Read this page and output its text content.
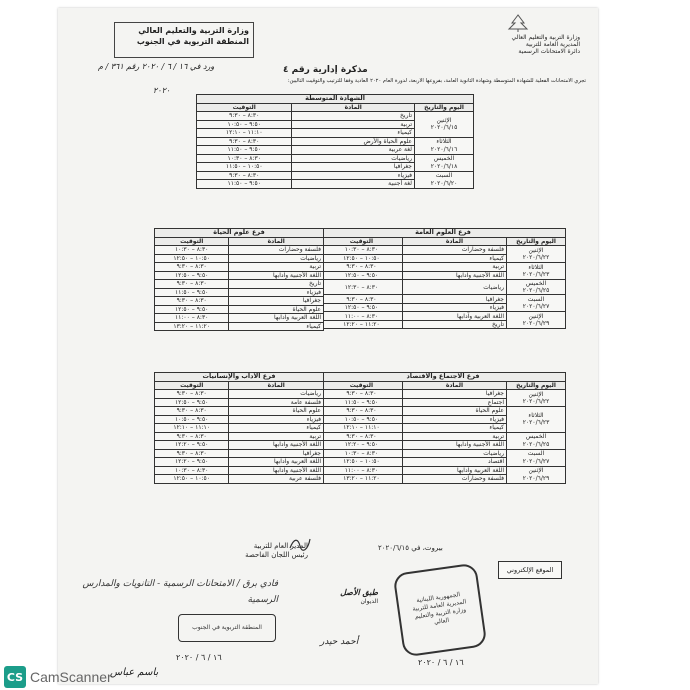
وزارة التربية والتعليم العالي
المنطقة التربوية في الجنوب
ورد في ١٦ / ٦ / ٢٠٢٠ رقم ٣٦١ / م
وزارة التربية والتعليم العالي
المديرية العامة للتربية
دائرة الامتحانات الرسمية
مذكرة إدارية رقم ٤
تجري الامتحانات الفعلية للشهادة المتوسطة وشهادة الثانوية العامة، بفروعها الأربعة، لدورة العام ٢٠٢٠ العادية وفقاً للترتيب والتوقيت التاليين:
٢٠٢٠
الشهادة المتوسطة		
اليوم والتاريخ	المادة	التوقيت

الإثنين
٢٠٢٠/٦/١٥	تاريخ	٨:٣٠ – ٩:٣٠
	تربية	٩:٥٠ – ١٠:٥٠
	كيمياء	١١:١٠ – ١٢:١٠

الثلاثاء
٢٠٢٠/٦/١٦	علوم الحياة والأرض	٨:٣٠ – ٩:٣٠
	لغة عربية	٩:٥٠ – ١١:٥٠

الخميس
٢٠٢٠/٦/١٨	رياضيات	٨:٣٠ – ١٠:٣٠
	جغرافيا	١٠:٥٠ – ١١:٥٠

السبت
٢٠٢٠/٦/٢٠	فيزياء	٨:٣٠ – ٩:٣٠
	لغة أجنبية	٩:٥٠ – ١١:٥٠
فرع العلوم العامة		
اليوم والتاريخ	المادة	التوقيت

الإثنين
٢٠٢٠/٦/٢٢	فلسفة وحضارات	٨:٣٠ – ١٠:٣٠
	كيمياء	١٠:٥٠ – ١٢:٥٠

الثلاثاء
٢٠٢٠/٦/٢٣	تربية	٨:٣٠ – ٩:٣٠
	اللغة الأجنبية وآدابها	٩:٥٠ – ١٢:٥٠

الخميس
٢٠٢٠/٦/٢٥	رياضيات	٨:٣٠ – ١٢:٣٠

السبت
٢٠٢٠/٦/٢٧	جغرافيا	٨:٣٠ – ٩:٣٠
	فيزياء	٩:٥٠ – ١٢:٥٠

الإثنين
٢٠٢٠/٦/٢٩	اللغة العربية وآدابها	٨:٣٠ – ١١:٠٠
	تاريخ	١١:٢٠ – ١٢:٢٠
فرع علوم الحياة	
المادة	التوقيت
فلسفة وحضارات	٨:٣٠ – ١٠:٣٠
رياضيات	١٠:٥٠ – ١٢:٥٠
تربية	٨:٣٠ – ٩:٣٠
اللغة الأجنبية وآدابها	٩:٥٠ – ١٢:٥٠
تاريخ	٨:٣٠ – ٩:٣٠
فيزياء	٩:٥٠ – ١١:٥٠
جغرافيا	٨:٣٠ – ٩:٣٠
علوم الحياة	٩:٥٠ – ١٢:٥٠
اللغة العربية وآدابها	٨:٣٠ – ١١:٠٠
كيمياء	١١:٢٠ – ١٣:٢٠
فرع الاجتماع والاقتصاد		
اليوم والتاريخ	المادة	التوقيت

الإثنين
٢٠٢٠/٦/٢٢	جغرافيا	٨:٣٠ – ٩:٣٠
	اجتماع	٩:٥٠ – ١١:٥٠

الثلاثاء
٢٠٢٠/٦/٢٣	علوم الحياة	٨:٣٠ – ٩:٣٠
	فيزياء	٩:٥٠ – ١٠:٥٠
	كيمياء	١١:١٠ – ١٢:١٠

الخميس
٢٠٢٠/٦/٢٥	تربية	٨:٣٠ – ٩:٣٠
	اللغة الأجنبية وآدابها	٩:٥٠ – ١٢:٢٠

السبت
٢٠٢٠/٦/٢٧	رياضيات	٨:٣٠ – ١٠:٣٠
	اقتصاد	١٠:٥٠ – ١٢:٥٠

الإثنين
٢٠٢٠/٦/٢٩	اللغة العربية وآدابها	٨:٣٠ – ١١:٠٠
	فلسفة وحضارات	١١:٢٠ – ١٣:٢٠
فرع الآداب والإنسانيات	
المادة	التوقيت
رياضيات	٨:٣٠ – ٩:٣٠
فلسفة عامة	٩:٥٠ – ١٢:٥٠
علوم الحياة	٨:٣٠ – ٩:٣٠
فيزياء	٩:٥٠ – ١٠:٥٠
كيمياء	١١:١٠ – ١٢:١٠
تربية	٨:٣٠ – ٩:٣٠
اللغة الأجنبية وآدابها	٩:٥٠ – ١٢:٢٠
جغرافيا	٨:٣٠ – ٩:٣٠
اللغة العربية وآدابها	٩:٥٠ – ١٢:٢٠
اللغة الأجنبية وآدابها	٨:٣٠ – ١٠:٣٠
فلسفة عربية	١٠:٥٠ – ١٢:٥٠
بيروت، في ٢٠٢٠/٦/١٥
المدير العام للتربية
رئيس اللجان الفاحصة
الموقع الإلكتروني
الجمهورية اللبنانية المديرية العامة للتربية وزارة التربية والتعليم العالي
طبق الأصل
الديوان
أحمد حيدر
فادي برق / الامتحانات الرسمية - التانويات والمدارس الرسمية
المنطقة التربوية في الجنوب
١٦ / ٦ / ٢٠٢٠
باسم عباس
١٦ / ٦ / ٢٠٢٠
CS CamScanner
